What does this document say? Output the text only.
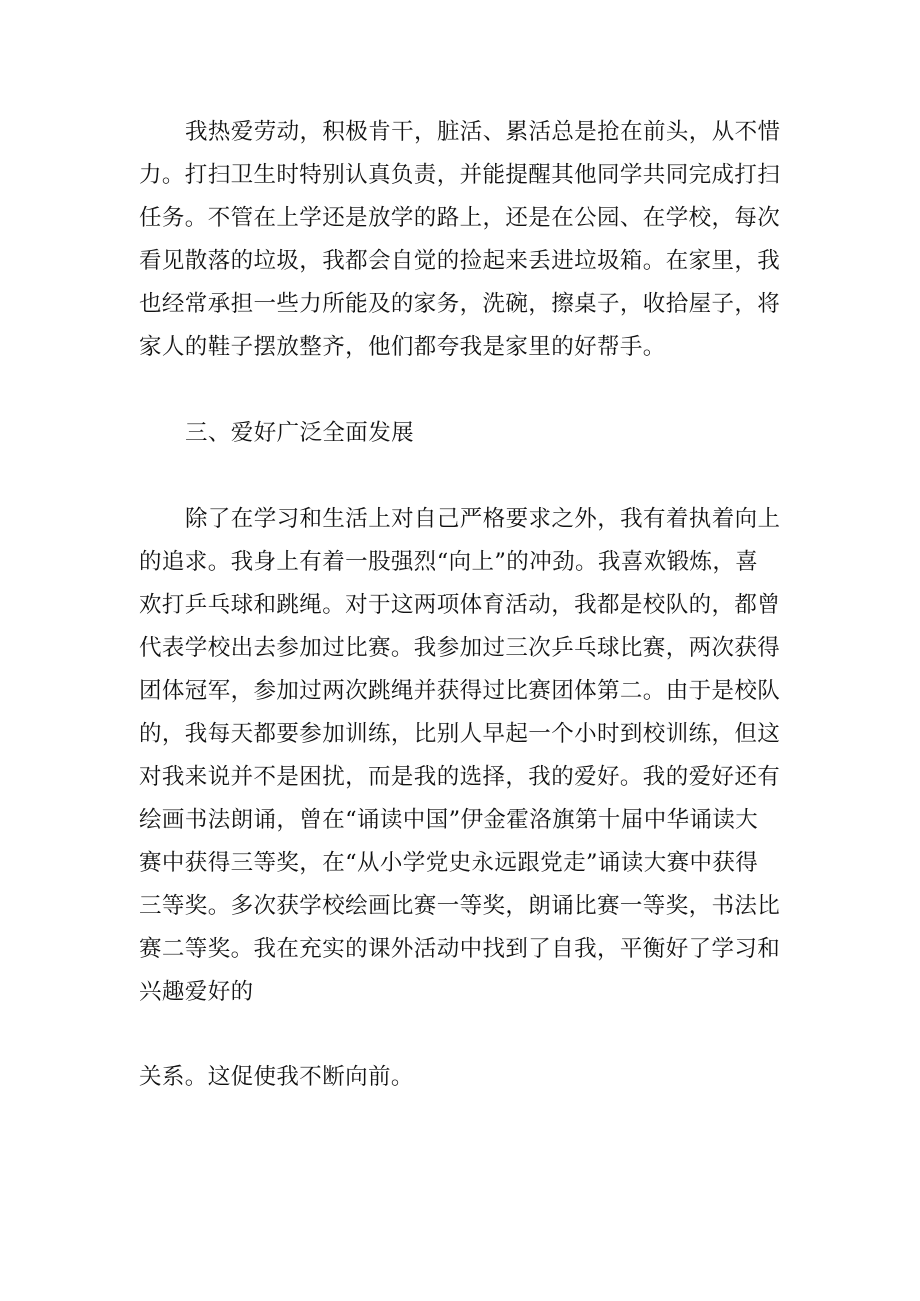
我热爱劳动，积极肯干，脏活、累活总是抢在前头，从不惜
力。打扫卫生时特别认真负责，并能提醒其他同学共同完成打扫
任务。不管在上学还是放学的路上，还是在公园、在学校，每次
看见散落的垃圾，我都会自觉的捡起来丢进垃圾箱。在家里，我
也经常承担一些力所能及的家务，洗碗，擦桌子，收拾屋子，将
家人的鞋子摆放整齐，他们都夸我是家里的好帮手。
三、爱好广泛全面发展
除了在学习和生活上对自己严格要求之外，我有着执着向上
的追求。我身上有着一股强烈“向上”的冲劲。我喜欢锻炼，喜
欢打乒乓球和跳绳。对于这两项体育活动，我都是校队的，都曾
代表学校出去参加过比赛。我参加过三次乒乓球比赛，两次获得
团体冠军，参加过两次跳绳并获得过比赛团体第二。由于是校队
的，我每天都要参加训练，比别人早起一个小时到校训练，但这
对我来说并不是困扰，而是我的选择，我的爱好。我的爱好还有
绘画书法朗诵，曾在“诵读中国”伊金霍洛旗第十届中华诵读大
赛中获得三等奖，在“从小学党史永远跟党走”诵读大赛中获得
三等奖。多次获学校绘画比赛一等奖，朗诵比赛一等奖，书法比
赛二等奖。我在充实的课外活动中找到了自我，平衡好了学习和
兴趣爱好的
关系。这促使我不断向前。
